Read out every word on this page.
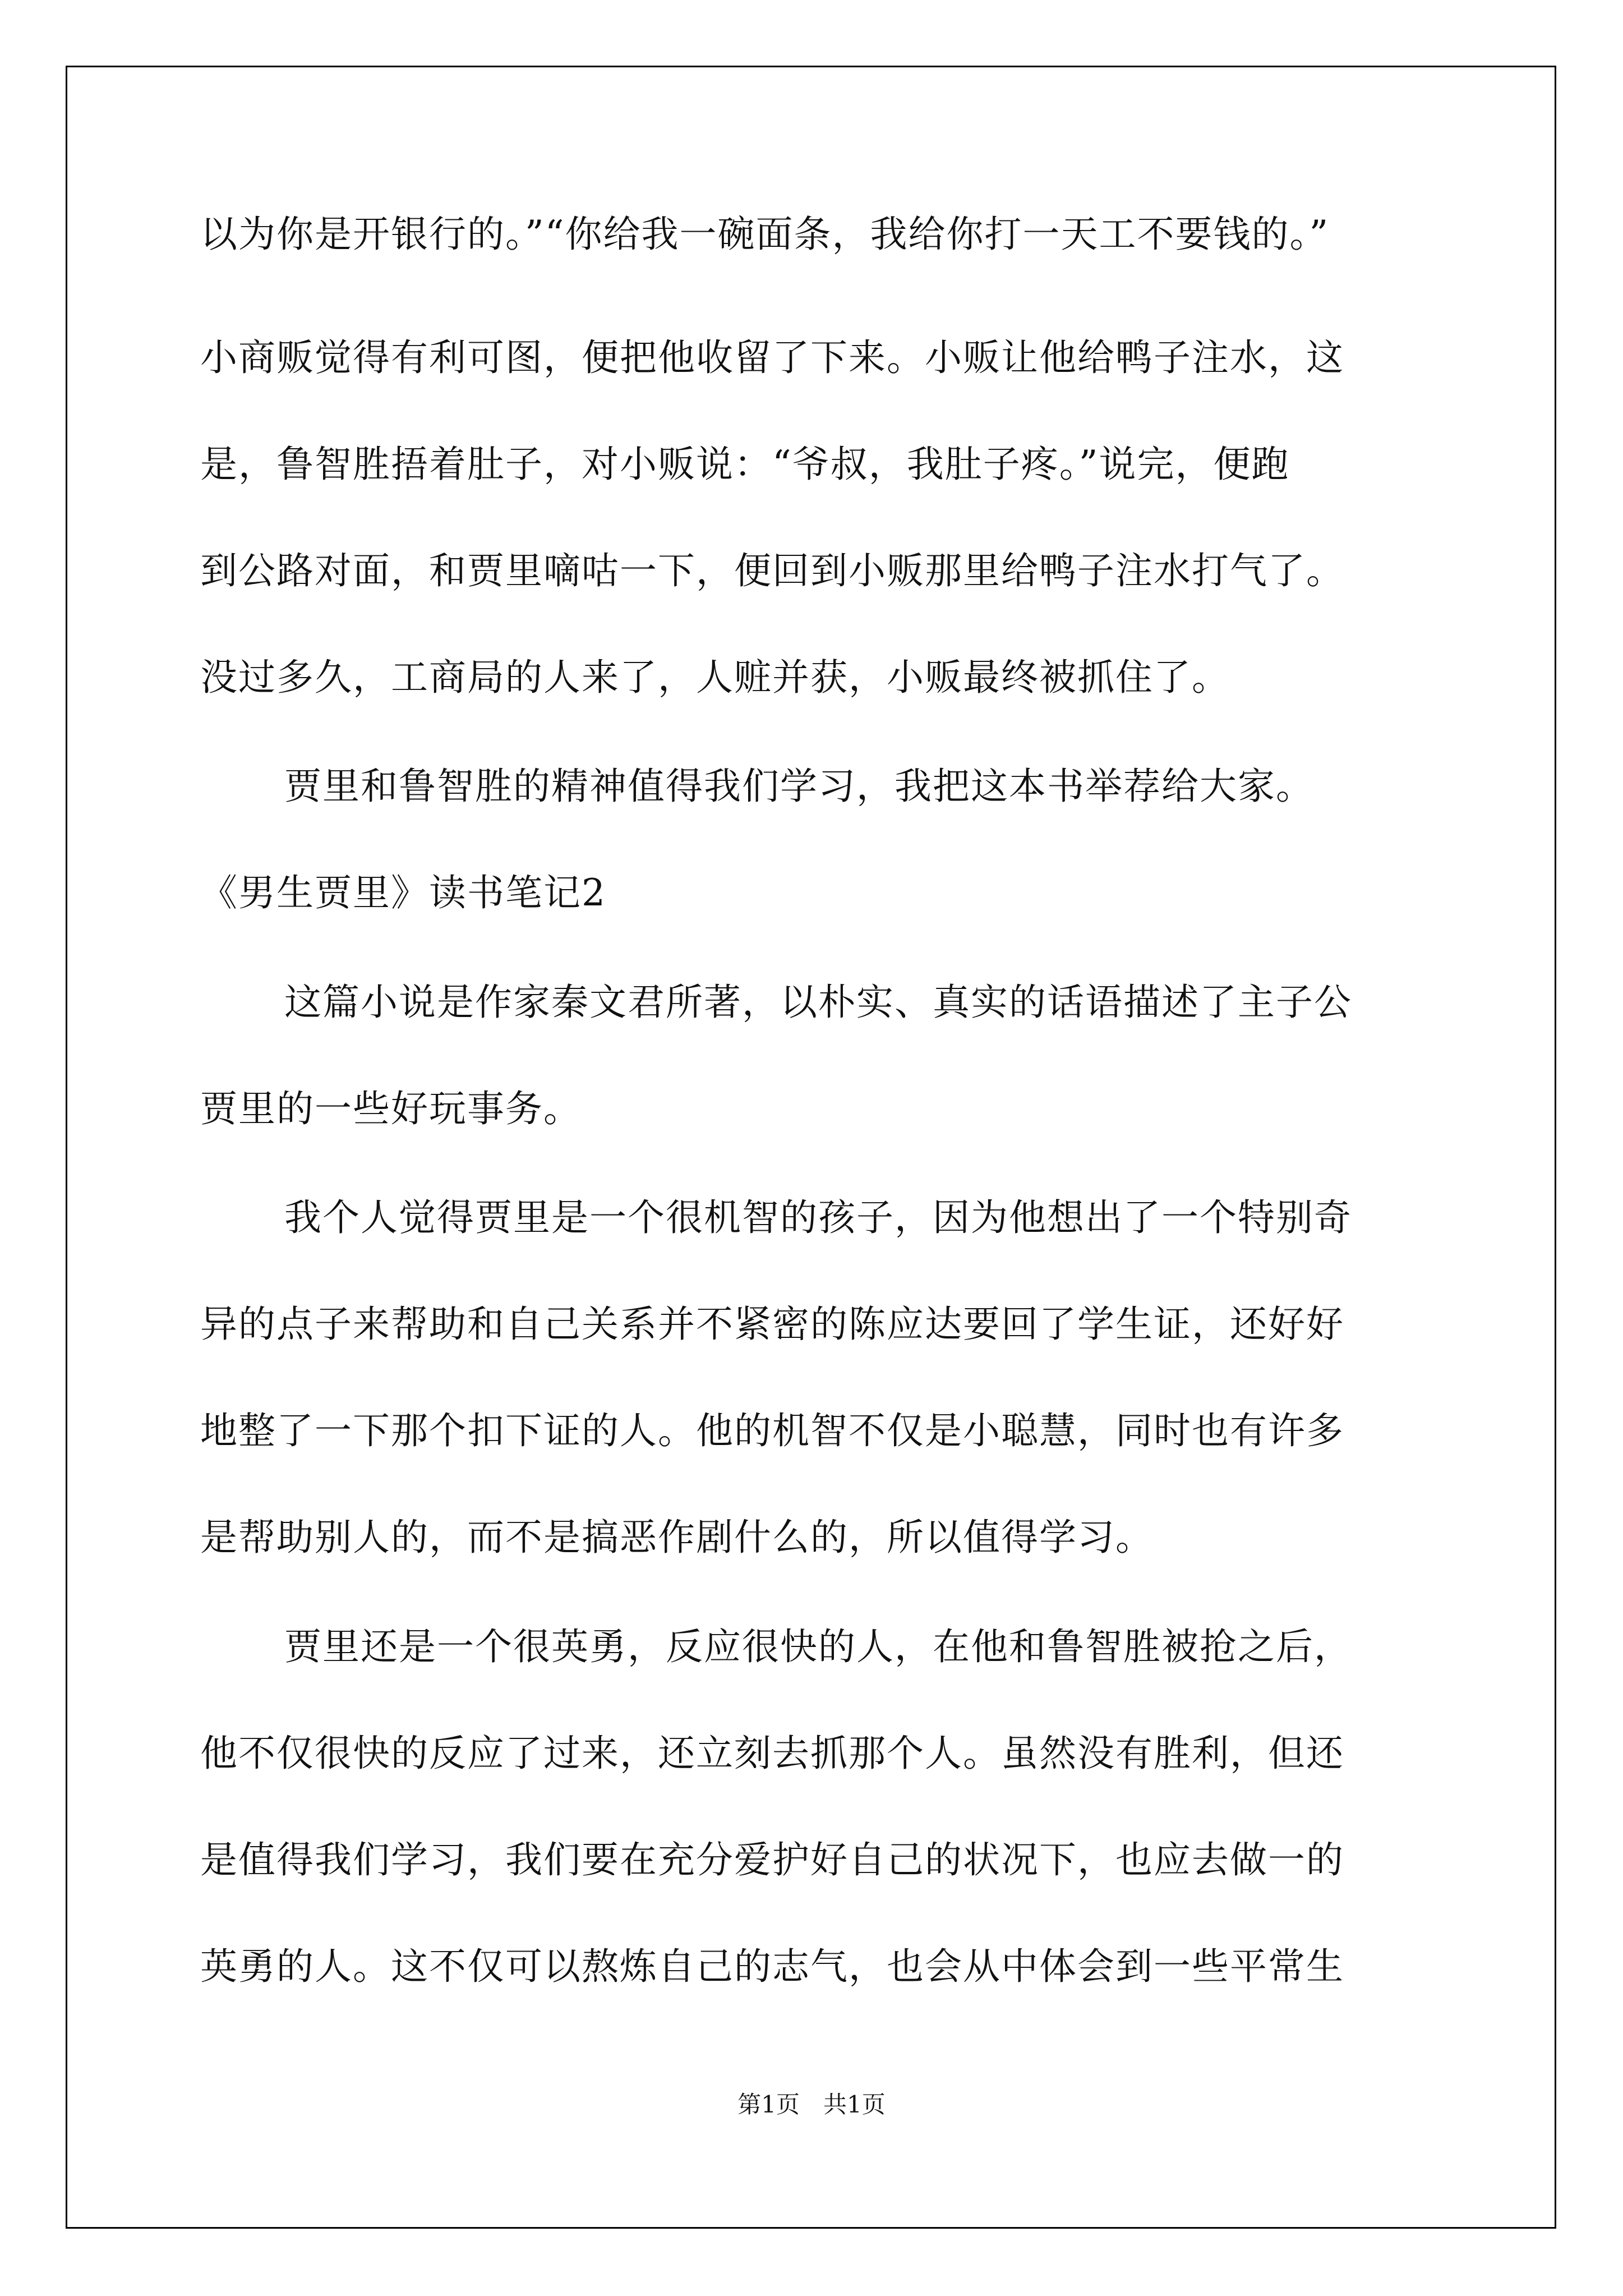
以为你是开银行的。”“你给我一碗面条，我给你打一天工不要钱的。”
小商贩觉得有利可图，便把他收留了下来。小贩让他给鸭子注水，这
是，鲁智胜捂着肚子，对小贩说：“爷叔，我肚子疼。”说完，便跑
到公路对面，和贾里嘀咕一下，便回到小贩那里给鸭子注水打气了。
没过多久，工商局的人来了，人赃并获，小贩最终被抓住了。
贾里和鲁智胜的精神值得我们学习，我把这本书举荐给大家。
《男生贾里》读书笔记2
这篇小说是作家秦文君所著，以朴实、真实的话语描述了主子公
贾里的一些好玩事务。
我个人觉得贾里是一个很机智的孩子，因为他想出了一个特别奇
异的点子来帮助和自己关系并不紧密的陈应达要回了学生证，还好好
地整了一下那个扣下证的人。他的机智不仅是小聪慧，同时也有许多
是帮助别人的，而不是搞恶作剧什么的，所以值得学习。
贾里还是一个很英勇，反应很快的人，在他和鲁智胜被抢之后，
他不仅很快的反应了过来，还立刻去抓那个人。虽然没有胜利，但还
是值得我们学习，我们要在充分爱护好自己的状况下，也应去做一的
英勇的人。这不仅可以熬炼自己的志气，也会从中体会到一些平常生
第1页　共1页
